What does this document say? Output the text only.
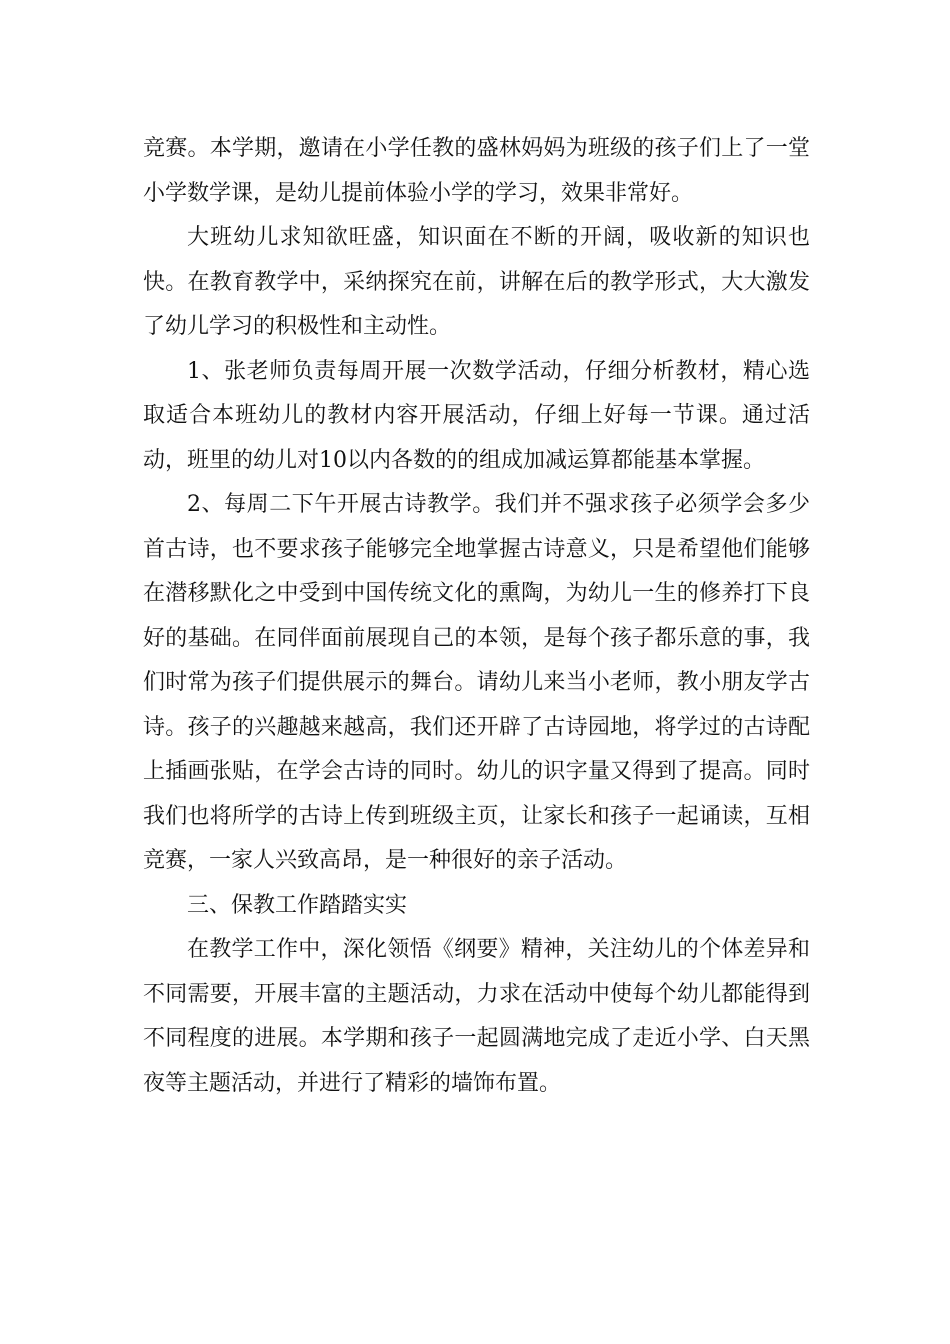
竞赛。本学期，邀请在小学任教的盛林妈妈为班级的孩子们上了一堂小学数学课，是幼儿提前体验小学的学习，效果非常好。

大班幼儿求知欲旺盛，知识面在不断的开阔，吸收新的知识也快。在教育教学中，采纳探究在前，讲解在后的教学形式，大大激发了幼儿学习的积极性和主动性。

1、张老师负责每周开展一次数学活动，仔细分析教材，精心选取适合本班幼儿的教材内容开展活动，仔细上好每一节课。通过活动，班里的幼儿对10以内各数的的组成加减运算都能基本掌握。

2、每周二下午开展古诗教学。我们并不强求孩子必须学会多少首古诗，也不要求孩子能够完全地掌握古诗意义，只是希望他们能够在潜移默化之中受到中国传统文化的熏陶，为幼儿一生的修养打下良好的基础。在同伴面前展现自己的本领，是每个孩子都乐意的事，我们时常为孩子们提供展示的舞台。请幼儿来当小老师，教小朋友学古诗。孩子的兴趣越来越高，我们还开辟了古诗园地，将学过的古诗配上插画张贴，在学会古诗的同时。幼儿的识字量又得到了提高。同时我们也将所学的古诗上传到班级主页，让家长和孩子一起诵读，互相竞赛，一家人兴致高昂，是一种很好的亲子活动。

三、保教工作踏踏实实

在教学工作中，深化领悟《纲要》精神，关注幼儿的个体差异和不同需要，开展丰富的主题活动，力求在活动中使每个幼儿都能得到不同程度的进展。本学期和孩子一起圆满地完成了走近小学、白天黑夜等主题活动，并进行了精彩的墙饰布置。
